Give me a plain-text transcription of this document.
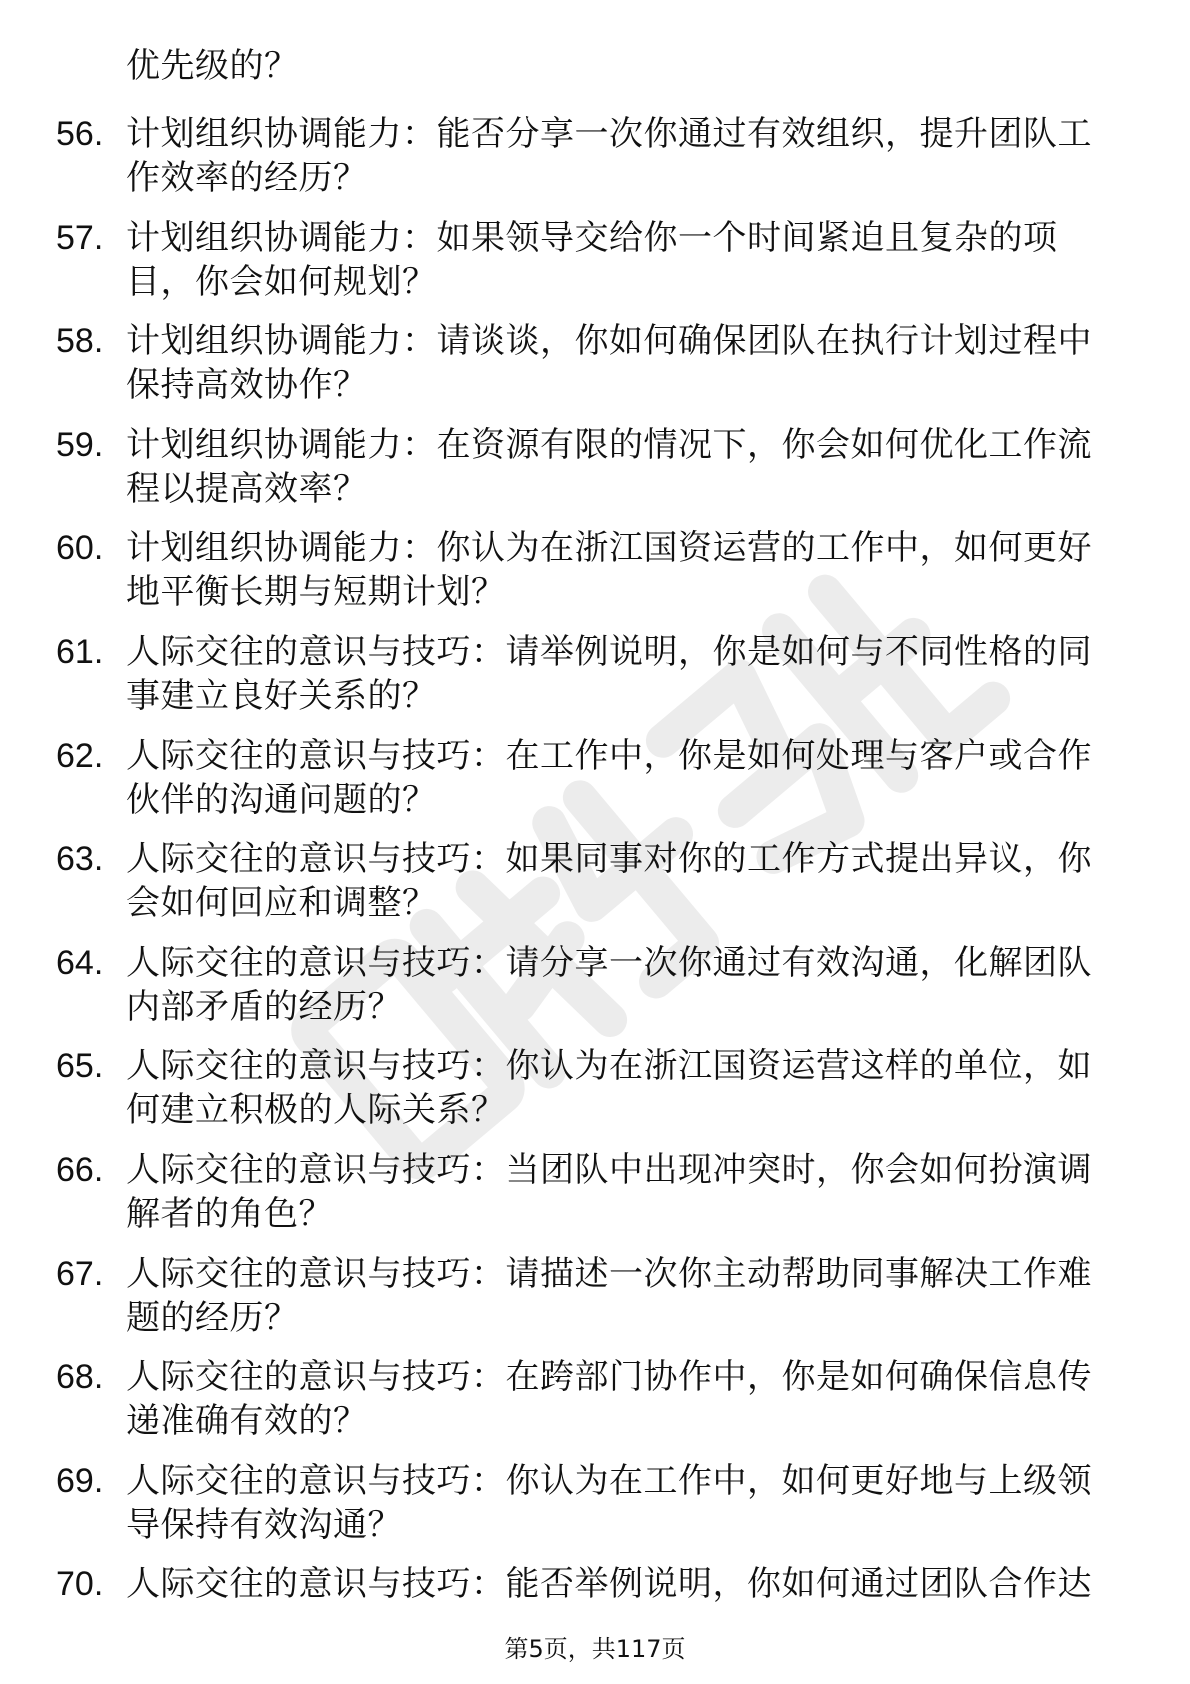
优先级的？
56. 计划组织协调能力：能否分享一次你通过有效组织，提升团队工作效率的经历？
57. 计划组织协调能力：如果领导交给你一个时间紧迫且复杂的项目，你会如何规划？
58. 计划组织协调能力：请谈谈，你如何确保团队在执行计划过程中保持高效协作？
59. 计划组织协调能力：在资源有限的情况下，你会如何优化工作流程以提高效率？
60. 计划组织协调能力：你认为在浙江国资运营的工作中，如何更好地平衡长期与短期计划？
61. 人际交往的意识与技巧：请举例说明，你是如何与不同性格的同事建立良好关系的？
62. 人际交往的意识与技巧：在工作中，你是如何处理与客户或合作伙伴的沟通问题的？
63. 人际交往的意识与技巧：如果同事对你的工作方式提出异议，你会如何回应和调整？
64. 人际交往的意识与技巧：请分享一次你通过有效沟通，化解团队内部矛盾的经历？
65. 人际交往的意识与技巧：你认为在浙江国资运营这样的单位，如何建立积极的人际关系？
66. 人际交往的意识与技巧：当团队中出现冲突时，你会如何扮演调解者的角色？
67. 人际交往的意识与技巧：请描述一次你主动帮助同事解决工作难题的经历？
68. 人际交往的意识与技巧：在跨部门协作中，你是如何确保信息传递准确有效的？
69. 人际交往的意识与技巧：你认为在工作中，如何更好地与上级领导保持有效沟通？
70. 人际交往的意识与技巧：能否举例说明，你如何通过团队合作达
第5页，共117页
